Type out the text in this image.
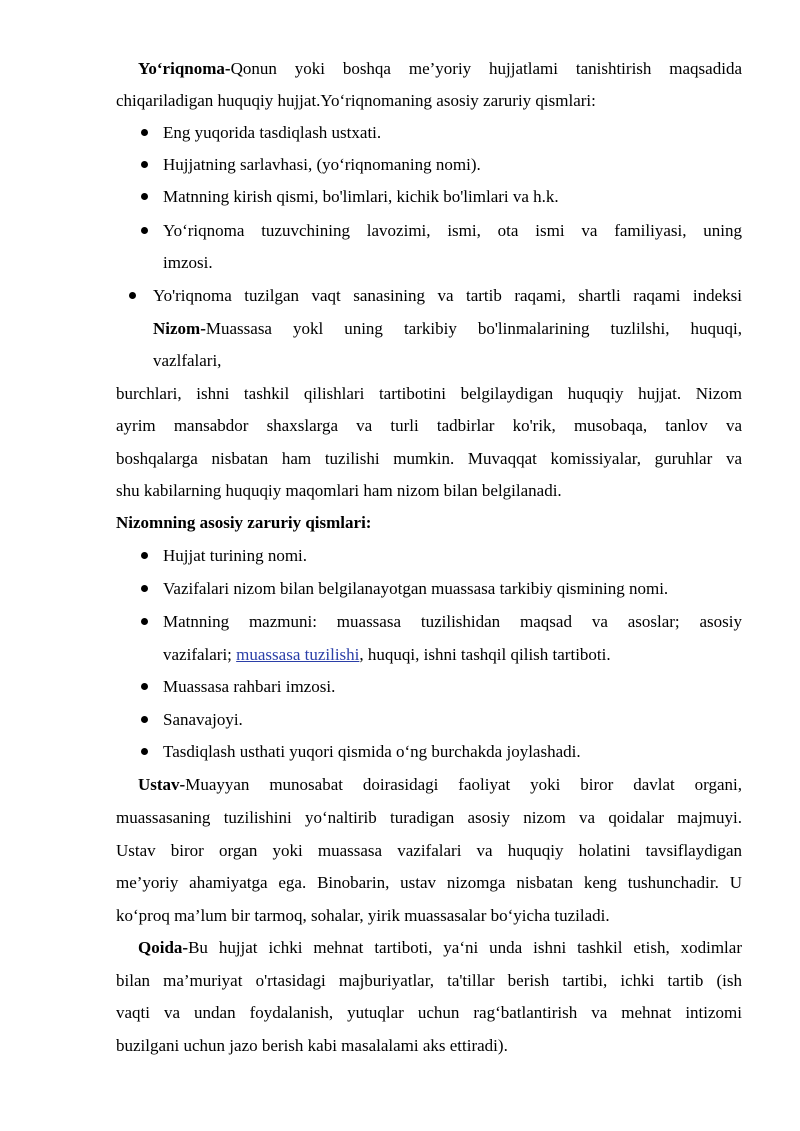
Yo‘riqnoma-Qonun yoki boshqa me’yoriy hujjatlami tanishtirish maqsadida
chiqariladigan huquqiy hujjat.Yo‘riqnomaning asosiy zaruriy qismlari:
Eng yuqorida tasdiqlash ustxati.
Hujjatning sarlavhasi, (yo‘riqnomaning nomi).
Matnning kirish qismi, bo'limlari, kichik bo'limlari va h.k.
Yo‘riqnoma tuzuvchining lavozimi, ismi, ota ismi va familiyasi, uning
imzosi.
Yo'riqnoma tuzilgan vaqt sanasining va tartib raqami, shartli raqami indeksi
Nizom-Muassasa yokl uning tarkibiy bo'linmalarining tuzlilshi, huquqi,
vazlfalari,
burchlari, ishni tashkil qilishlari tartibotini belgilaydigan huquqiy hujjat. Nizom
ayrim mansabdor shaxslarga va turli tadbirlar ko'rik, musobaqa, tanlov va
boshqalarga nisbatan ham tuzilishi mumkin. Muvaqqat komissiyalar, guruhlar va
shu kabilarning huquqiy maqomlari ham nizom bilan belgilanadi.
Nizomning asosiy zaruriy qismlari:
Hujjat turining nomi.
Vazifalari nizom bilan belgilanayotgan muassasa tarkibiy qismining nomi.
Matnning mazmuni: muassasa tuzilishidan maqsad va asoslar; asosiy
vazifalari; muassasa tuzilishi, huquqi, ishni tashqil qilish tartiboti.
Muassasa rahbari imzosi.
Sanavajoyi.
Tasdiqlash usthati yuqori qismida o‘ng burchakda joylashadi.
Ustav-Muayyan munosabat doirasidagi faoliyat yoki biror davlat organi,
muassasaning tuzilishini yo‘naltirib turadigan asosiy nizom va qoidalar majmuyi.
Ustav biror organ yoki muassasa vazifalari va huquqiy holatini tavsiflaydigan
me’yoriy ahamiyatga ega. Binobarin, ustav nizomga nisbatan keng tushunchadir. U
ko‘proq ma’lum bir tarmoq, sohalar, yirik muassasalar bo‘yicha tuziladi.
Qoida-Bu hujjat ichki mehnat tartiboti, ya‘ni unda ishni tashkil etish, xodimlar
bilan ma’muriyat o'rtasidagi majburiyatlar, ta'tillar berish tartibi, ichki tartib (ish
vaqti va undan foydalanish, yutuqlar uchun rag‘batlantirish va mehnat intizomi
buzilgani uchun jazo berish kabi masalalami aks ettiradi).
